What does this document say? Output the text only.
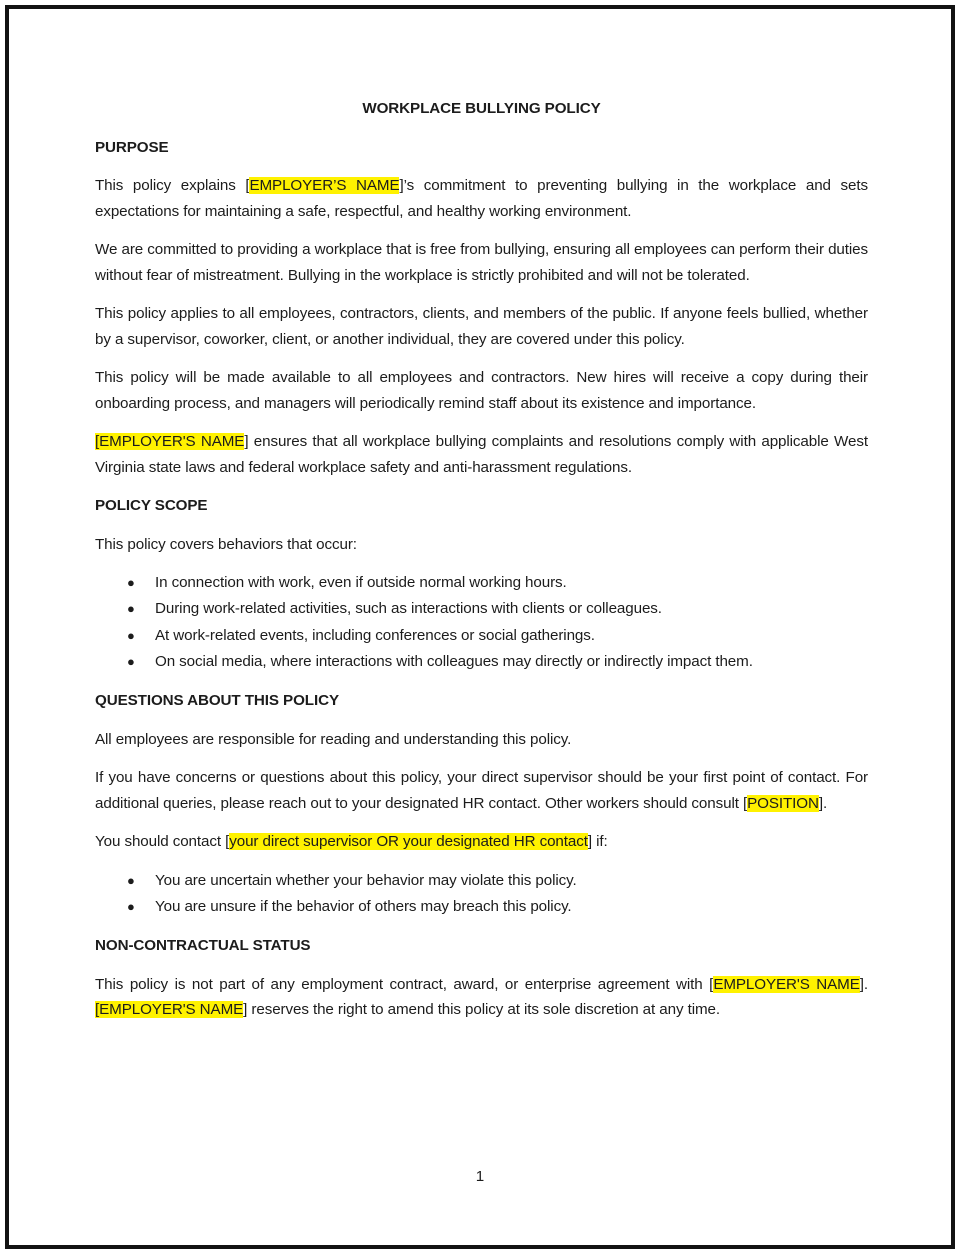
WORKPLACE BULLYING POLICY
PURPOSE

This policy explains [EMPLOYER’S NAME]’s commitment to preventing bullying in the workplace and sets expectations for maintaining a safe, respectful, and healthy working environment.

We are committed to providing a workplace that is free from bullying, ensuring all employees can perform their duties without fear of mistreatment. Bullying in the workplace is strictly prohibited and will not be tolerated.

This policy applies to all employees, contractors, clients, and members of the public. If anyone feels bullied, whether by a supervisor, coworker, client, or another individual, they are covered under this policy.

This policy will be made available to all employees and contractors. New hires will receive a copy during their onboarding process, and managers will periodically remind staff about its existence and importance.

[EMPLOYER'S NAME] ensures that all workplace bullying complaints and resolutions comply with applicable West Virginia state laws and federal workplace safety and anti-harassment regulations.

POLICY SCOPE

This policy covers behaviors that occur:

●	In connection with work, even if outside normal working hours.
●	During work-related activities, such as interactions with clients or colleagues.
●	At work-related events, including conferences or social gatherings.
●	On social media, where interactions with colleagues may directly or indirectly impact them.
QUESTIONS ABOUT THIS POLICY

All employees are responsible for reading and understanding this policy.

If you have concerns or questions about this policy, your direct supervisor should be your first point of contact. For additional queries, please reach out to your designated HR contact. Other workers should consult [POSITION].

You should contact [your direct supervisor OR your designated HR contact] if:

●	You are uncertain whether your behavior may violate this policy.
●	You are unsure if the behavior of others may breach this policy.
NON-CONTRACTUAL STATUS

This policy is not part of any employment contract, award, or enterprise agreement with [EMPLOYER'S NAME]. [EMPLOYER'S NAME] reserves the right to amend this policy at its sole discretion at any time.

1
